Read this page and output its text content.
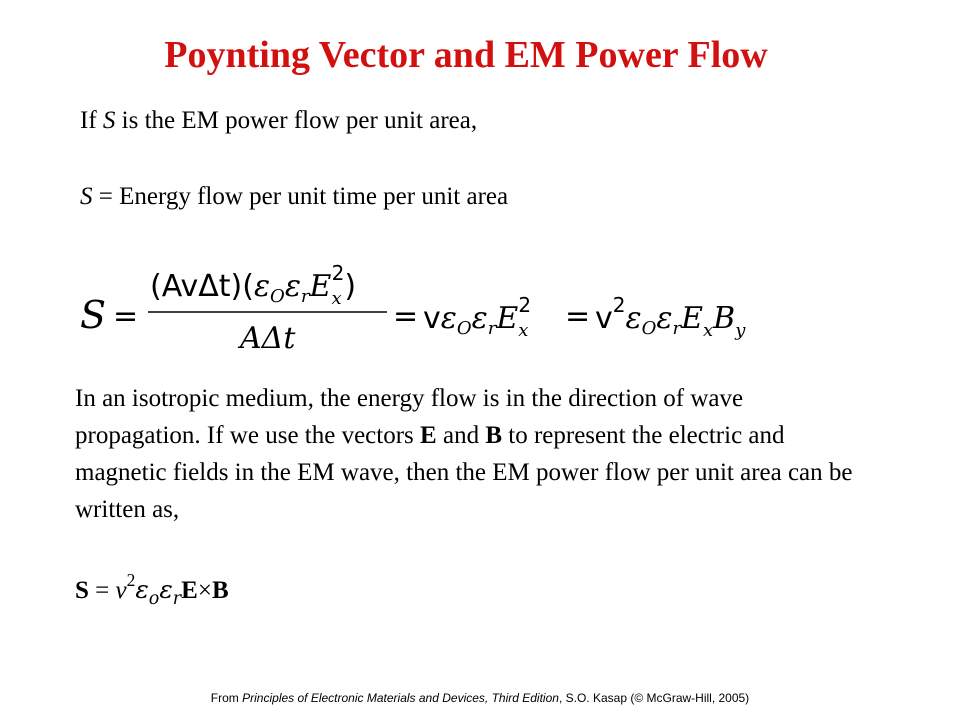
Poynting Vector and EM Power Flow
If S is the EM power flow per unit area,
S = Energy flow per unit time per unit area
S =
$(Av\Delta t)(\varepsilon_O\varepsilon_rE_x2)$
AΔt
= $v\varepsilon_O\varepsilon_rE_x2 = v^2\varepsilon_O\varepsilon_rE_xB_y$
In an isotropic medium, the energy flow is in the direction of wave propagation. If we use the vectors E and B to represent the electric and magnetic fields in the EM wave, then the EM power flow per unit area can be written as,
$S = v^2\varepsilon_o\varepsilon_rE\times B$
From Principles of Electronic Materials and Devices, Third Edition, S.O. Kasap (© McGraw-Hill, 2005)
